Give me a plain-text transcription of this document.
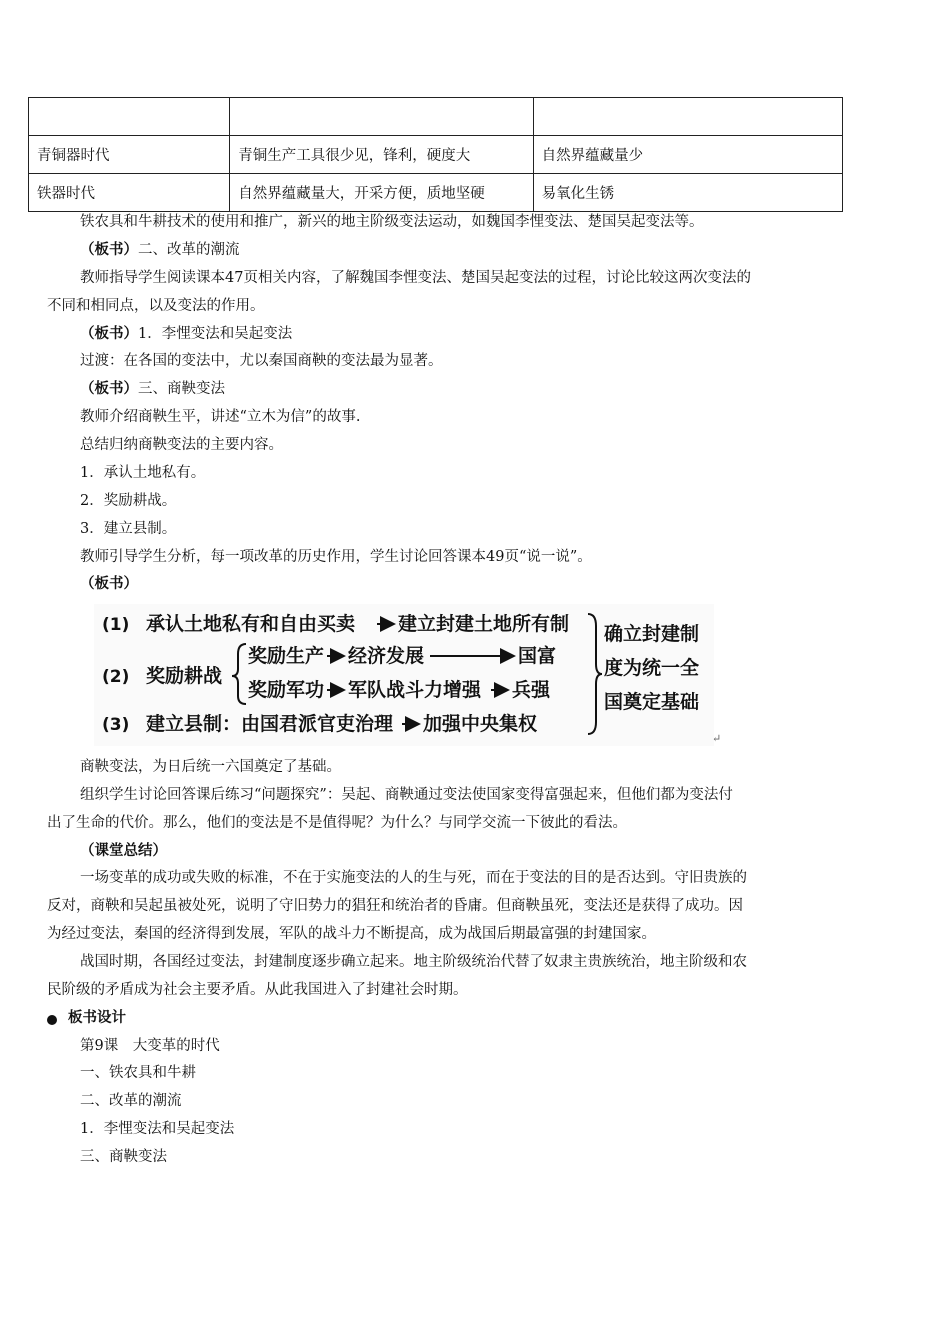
青铜器时代	青铜生产工具很少见，锋利，硬度大	自然界蕴藏量少
铁器时代	自然界蕴藏量大，开采方便，质地坚硬	易氧化生锈
铁农具和牛耕技术的使用和推广，新兴的地主阶级变法运动，如魏国李悝变法、楚国吴起变法等。
（板书）二、改革的潮流
教师指导学生阅读课本47页相关内容，了解魏国李悝变法、楚国吴起变法的过程，讨论比较这两次变法的
不同和相同点，以及变法的作用。
（板书）1．李悝变法和吴起变法
过渡：在各国的变法中，尤以秦国商鞅的变法最为显著。
（板书）三、商鞅变法
教师介绍商鞅生平，讲述“立木为信”的故事.
总结归纳商鞅变法的主要内容。
1．承认土地私有。
2．奖励耕战。
3．建立县制。
教师引导学生分析，每一项改革的历史作用，学生讨论回答课本49页“说一说”。
（板书）
(1) 承认土地私有和自由买卖 建立封建土地所有制
(2) 奖励耕战
奖励生产 经济发展	国富
奖励军功 军队战斗力增强 兵强
(3) 建立县制：由国君派官吏治理 加强中央集权
确立封建制
度为统一全
国奠定基础
↵
商鞅变法，为日后统一六国奠定了基础。
组织学生讨论回答课后练习“问题探究”：吴起、商鞅通过变法使国家变得富强起来，但他们都为变法付
出了生命的代价。那么，他们的变法是不是值得呢？为什么？与同学交流一下彼此的看法。
（课堂总结）
一场变革的成功或失败的标准，不在于实施变法的人的生与死，而在于变法的目的是否达到。守旧贵族的
反对，商鞅和吴起虽被处死，说明了守旧势力的猖狂和统治者的昏庸。但商鞅虽死，变法还是获得了成功。因
为经过变法，秦国的经济得到发展，军队的战斗力不断提高，成为战国后期最富强的封建国家。
战国时期，各国经过变法，封建制度逐步确立起来。地主阶级统治代替了奴隶主贵族统治，地主阶级和农
民阶级的矛盾成为社会主要矛盾。从此我国进入了封建社会时期。
板书设计
第9课　大变革的时代
一、铁农具和牛耕
二、改革的潮流
1．李悝变法和吴起变法
三、商鞅变法
